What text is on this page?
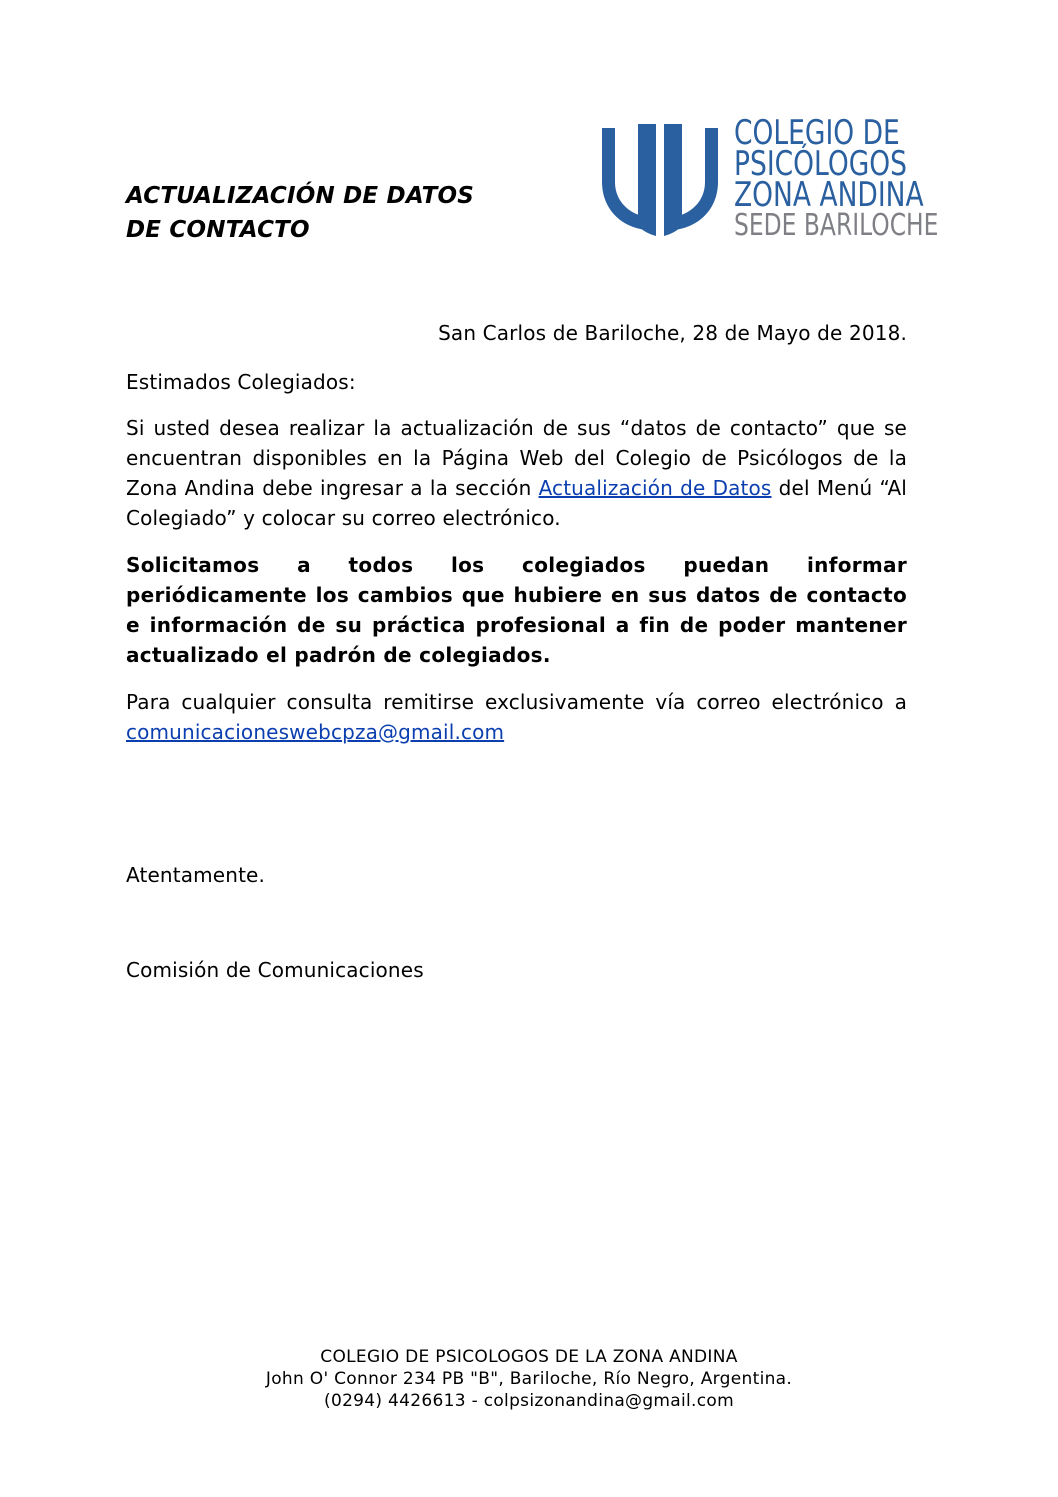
ACTUALIZACIÓN DE DATOS
DE CONTACTO
COLEGIO DE
PSICÓLOGOS
ZONA ANDINA
SEDE BARILOCHE
San Carlos de Bariloche, 28 de Mayo de 2018.
Estimados Colegiados:
Si usted desea realizar la actualización de sus “datos de contacto” que se encuentran disponibles en la Página Web del Colegio de Psicólogos de la Zona Andina debe ingresar a la sección Actualización de Datos del Menú “Al Colegiado” y colocar su correo electrónico.
Solicitamos a todos los colegiados puedan informar periódicamente los cambios que hubiere en sus datos de contacto e información de su práctica profesional a fin de poder mantener actualizado el padrón de colegiados.
Para cualquier consulta remitirse exclusivamente vía correo electrónico a comunicacioneswebcpza@gmail.com
Atentamente.
Comisión de Comunicaciones
COLEGIO DE PSICOLOGOS DE LA ZONA ANDINA
John O' Connor 234 PB "B", Bariloche, Río Negro, Argentina.
(0294) 4426613 - colpsizonandina@gmail.com
